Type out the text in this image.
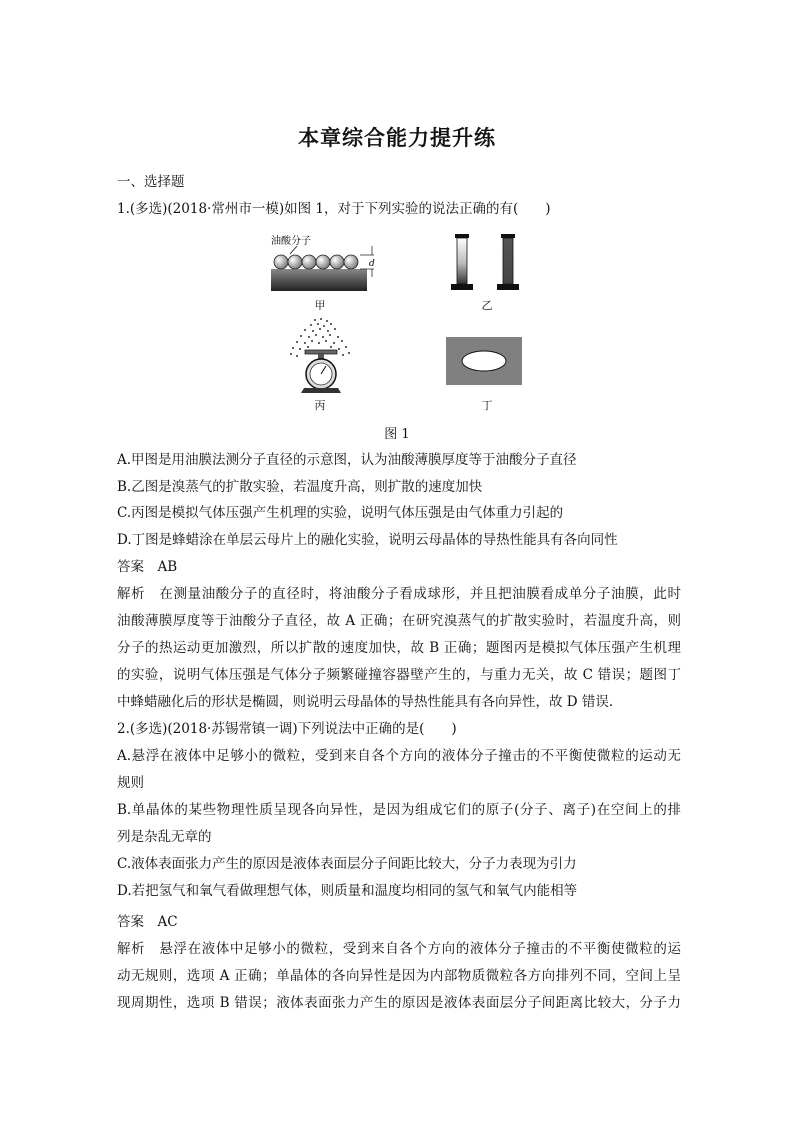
本章综合能力提升练
一、选择题
1.(多选)(2018·常州市一模)如图 1，对于下列实验的说法正确的有(　　)
油酸分子
d
甲	乙
丙	丁
图 1
A.甲图是用油膜法测分子直径的示意图，认为油酸薄膜厚度等于油酸分子直径
B.乙图是溴蒸气的扩散实验，若温度升高，则扩散的速度加快
C.丙图是模拟气体压强产生机理的实验，说明气体压强是由气体重力引起的
D.丁图是蜂蜡涂在单层云母片上的融化实验，说明云母晶体的导热性能具有各向同性
答案　AB
解析　在测量油酸分子的直径时，将油酸分子看成球形，并且把油膜看成单分子油膜，此时
油酸薄膜厚度等于油酸分子直径，故 A 正确；在研究溴蒸气的扩散实验时，若温度升高，则
分子的热运动更加激烈，所以扩散的速度加快，故 B 正确；题图丙是模拟气体压强产生机理
的实验，说明气体压强是气体分子频繁碰撞容器壁产生的，与重力无关，故 C 错误；题图丁
中蜂蜡融化后的形状是椭圆，则说明云母晶体的导热性能具有各向异性，故 D 错误.
2.(多选)(2018·苏锡常镇一调)下列说法中正确的是(　　)
A.悬浮在液体中足够小的微粒，受到来自各个方向的液体分子撞击的不平衡使微粒的运动无
规则
B.单晶体的某些物理性质呈现各向异性，是因为组成它们的原子(分子、离子)在空间上的排
列是杂乱无章的
C.液体表面张力产生的原因是液体表面层分子间距比较大，分子力表现为引力
D.若把氢气和氧气看做理想气体，则质量和温度均相同的氢气和氧气内能相等
答案　AC
解析　悬浮在液体中足够小的微粒，受到来自各个方向的液体分子撞击的不平衡使微粒的运
动无规则，选项 A 正确；单晶体的各向异性是因为内部物质微粒各方向排列不同，空间上呈
现周期性，选项 B 错误；液体表面张力产生的原因是液体表面层分子间距离比较大，分子力
